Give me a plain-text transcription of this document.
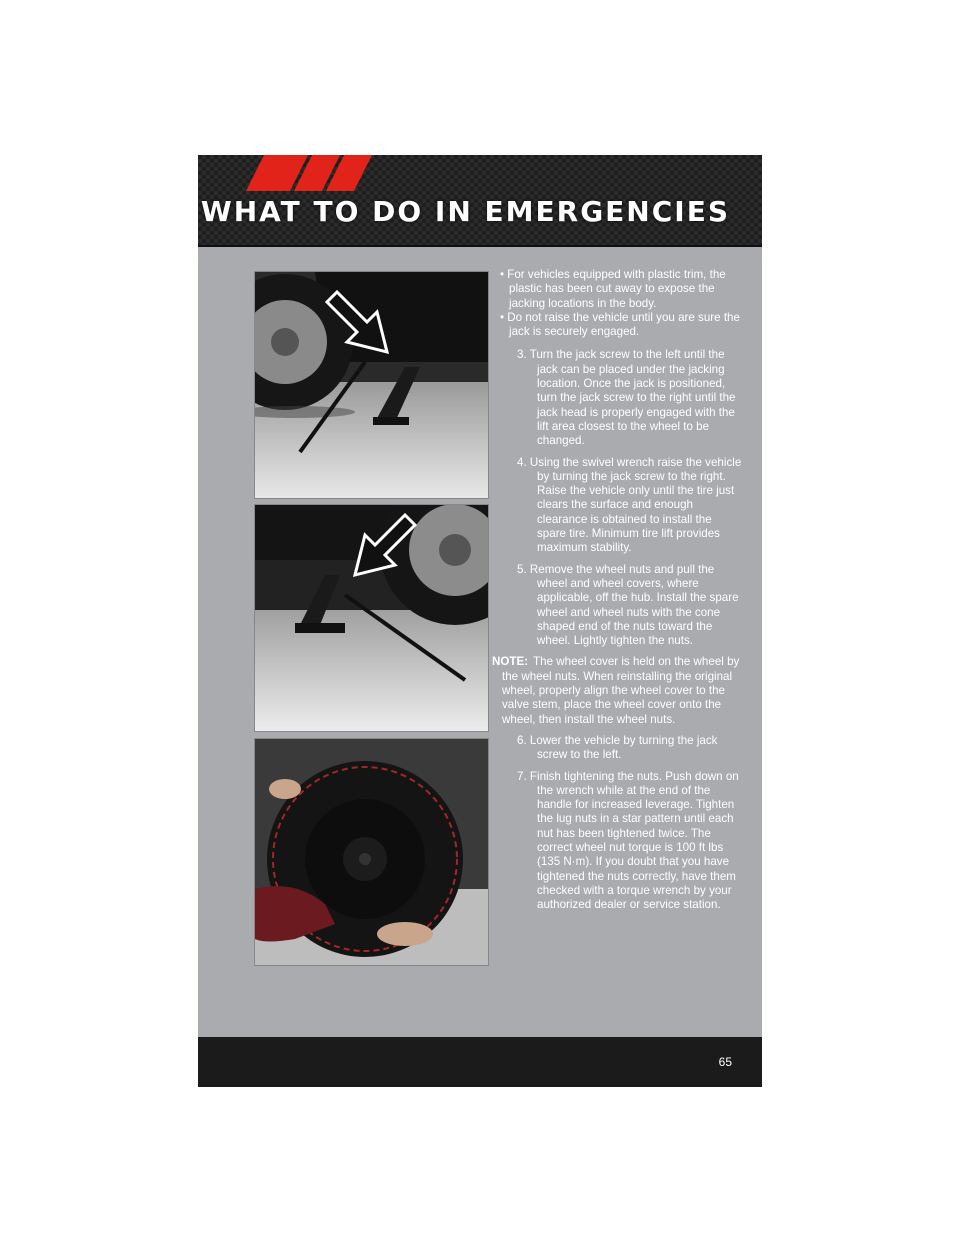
WHAT TO DO IN EMERGENCIES

• For vehicles equipped with plastic trim, the plastic has been cut away to expose the jacking locations in the body.

• Do not raise the vehicle until you are sure the jack is securely engaged.

3. Turn the jack screw to the left until the jack can be placed under the jacking location. Once the jack is positioned, turn the jack screw to the right until the jack head is properly engaged with the lift area closest to the wheel to be changed.

4. Using the swivel wrench raise the vehicle by turning the jack screw to the right. Raise the vehicle only until the tire just clears the surface and enough clearance is obtained to install the spare tire. Minimum tire lift provides maximum stability.

5. Remove the wheel nuts and pull the wheel and wheel covers, where applicable, off the hub. Install the spare wheel and wheel nuts with the cone shaped end of the nuts toward the wheel. Lightly tighten the nuts.

NOTE: The wheel cover is held on the wheel by the wheel nuts. When reinstalling the original wheel, properly align the wheel cover to the valve stem, place the wheel cover onto the wheel, then install the wheel nuts.

6. Lower the vehicle by turning the jack screw to the left.

7. Finish tightening the nuts. Push down on the wrench while at the end of the handle for increased leverage. Tighten the lug nuts in a star pattern until each nut has been tightened twice. The correct wheel nut torque is 100 ft lbs (135 N·m). If you doubt that you have tightened the nuts correctly, have them checked with a torque wrench by your authorized dealer or service station.

65
